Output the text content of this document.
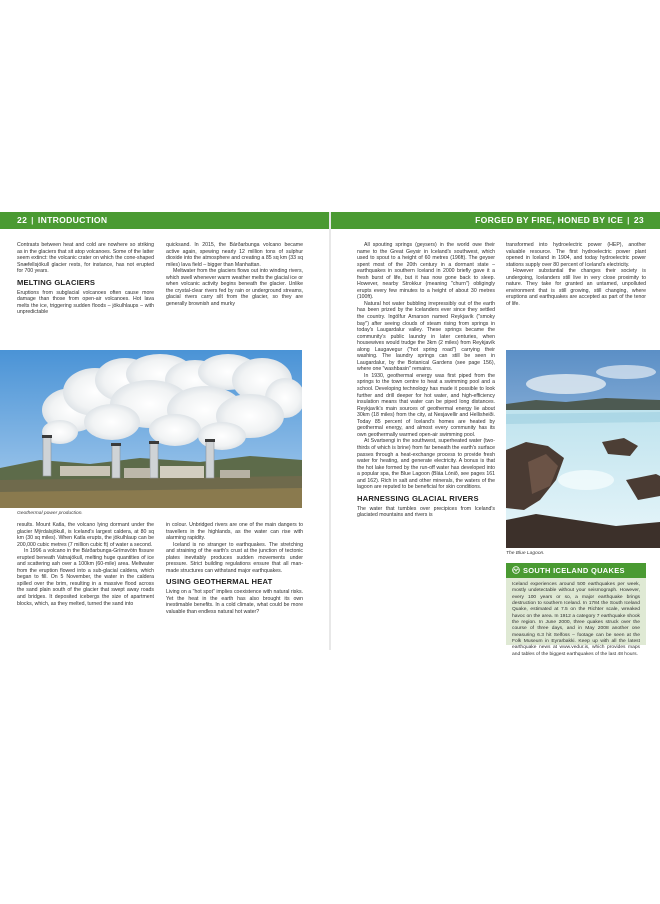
22 | INTRODUCTION	FORGED BY FIRE, HONED BY ICE | 23

Contrasts between heat and cold are nowhere so striking as in the glaciers that sit atop volcanoes. Some of the latter seem extinct: the volcanic crater on which the cone-shaped Snæfellsjökull glacier rests, for instance, has not erupted for 700 years.

MELTING GLACIERS

Eruptions from subglacial volcanoes often cause more damage than those from open-air volcanoes. Hot lava melts the ice, triggering sudden floods – jökulhlaups – with unpredictable

quicksand. In 2015, the Bárðarbunga volcano became active again, spewing nearly 12 million tons of sulphur dioxide into the atmosphere and creating a 85 sq km (33 sq miles) lava field – bigger than Manhattan.

Meltwater from the glaciers flows out into winding rivers, which swell whenever warm weather melts the glacial ice or when volcanic activity begins beneath the glacier. Unlike the crystal-clear rivers fed by rain or underground streams, glacial rivers carry silt from the glacier, so they are generally brownish and murky

Geothermal power production.

results. Mount Katla, the volcano lying dormant under the glacier Mýrdalsjökull, is Iceland's largest caldera, at 80 sq km (30 sq miles). When Katla erupts, the jökulhlaup can be 200,000 cubic metres (7 million cubic ft) of water a second.

In 1996 a volcano in the Bárðarbunga-Grímsvötn fissure erupted beneath Vatnajökull, melting huge quantities of ice and scattering ash over a 100km (60-mile) area. Meltwater from the eruption flowed into a sub-glacial caldera, which began to fill. On 5 November, the water in the caldera spilled over the brim, resulting in a massive flood across the sand plain south of the glacier that swept away roads and bridges. It deposited icebergs the size of apartment blocks, which, as they melted, turned the sand into

in colour. Unbridged rivers are one of the main dangers to travellers in the highlands, as the water can rise with alarming rapidity.

Iceland is no stranger to earthquakes. The stretching and straining of the earth's crust at the junction of tectonic plates inevitably produces sudden movements under pressure. Strict building regulations ensure that all man-made structures can withstand major earthquakes.

USING GEOTHERMAL HEAT

Living on a "hot spot" implies coexistence with natural risks. Yet the heat in the earth has also brought its own inestimable benefits. In a cold climate, what could be more valuable than endless natural hot water?

All spouting springs (geysers) in the world owe their name to the Great Geysir in Iceland's southwest, which used to spout to a height of 60 metres (196ft). The geyser spent most of the 20th century in a dormant state – earthquakes in southern Iceland in 2000 briefly gave it a fresh burst of life, but it has now gone back to sleep. However, nearby Strokkur (meaning "churn") obligingly erupts every few minutes to a height of about 30 metres (100ft).

Natural hot water bubbling irrepressibly out of the earth has been prized by the Icelanders ever since they settled the country. Ingólfur Arnarson named Reykjavík ("smoky bay") after seeing clouds of steam rising from springs in today's Laugardalur valley. These springs became the community's public laundry in later centuries, when housewives would trudge the 3km (2 miles) from Reykjavík along Laugavegur ("hot spring road") carrying their washing. The laundry springs can still be seen in Laugardalur, by the Botanical Gardens (see page 156), where one "washbasin" remains.

In 1930, geothermal energy was first piped from the springs to the town centre to heat a swimming pool and a school. Developing technology has made it possible to look further and drill deeper for hot water, and high-efficiency insulation means that water can be piped long distances. Reykjavík's main sources of geothermal energy lie about 30km (18 miles) from the city, at Nesjavellir and Hellisheiði. Today 85 percent of Iceland's homes are heated by geothermal energy, and almost every community has its own geothermally warmed open-air swimming pool.

At Svartsengi in the southwest, superheated water (two-thirds of which is brine) from far beneath the earth's surface passes through a heat-exchange process to provide fresh water for heating, and generate electricity. A bonus is that the hot lake formed by the run-off water has developed into a popular spa, the Blue Lagoon (Bláa Lónið, see pages 161 and 162). Rich in salt and other minerals, the waters of the lagoon are reputed to be beneficial for skin conditions.

HARNESSING GLACIAL RIVERS

The water that tumbles over precipices from Iceland's glaciated mountains and rivers is

transformed into hydroelectric power (HEP), another valuable resource. The first hydroelectric power plant opened in Iceland in 1904, and today hydroelectric power stations supply over 80 percent of Iceland's electricity.

However substantial the changes their society is undergoing, Icelanders still live in very close proximity to nature. They take for granted an untamed, unpolluted environment that is still growing, still changing, where eruptions and earthquakes are accepted as part of the tenor of life.

The Blue Lagoon.
SOUTH ICELAND QUAKES
Iceland experiences around 500 earthquakes per week, mostly undetectable without your seismograph. However, every 100 years or so, a major earthquake brings destruction to southern Iceland. In 1784 the South Iceland Quake, estimated at 7.5 on the Richter scale, wreaked havoc on the area. In 1912 a category 7 earthquake shook the region. In June 2000, three quakes struck over the course of three days, and in May 2008 another one measuring 6.3 hit Selfoss – footage can be seen at the Folk Museum in Eyrarbakki. Keep up with all the latest earthquake news at www.vedur.is, which provides maps and tables of the biggest earthquakes of the last 48 hours.
